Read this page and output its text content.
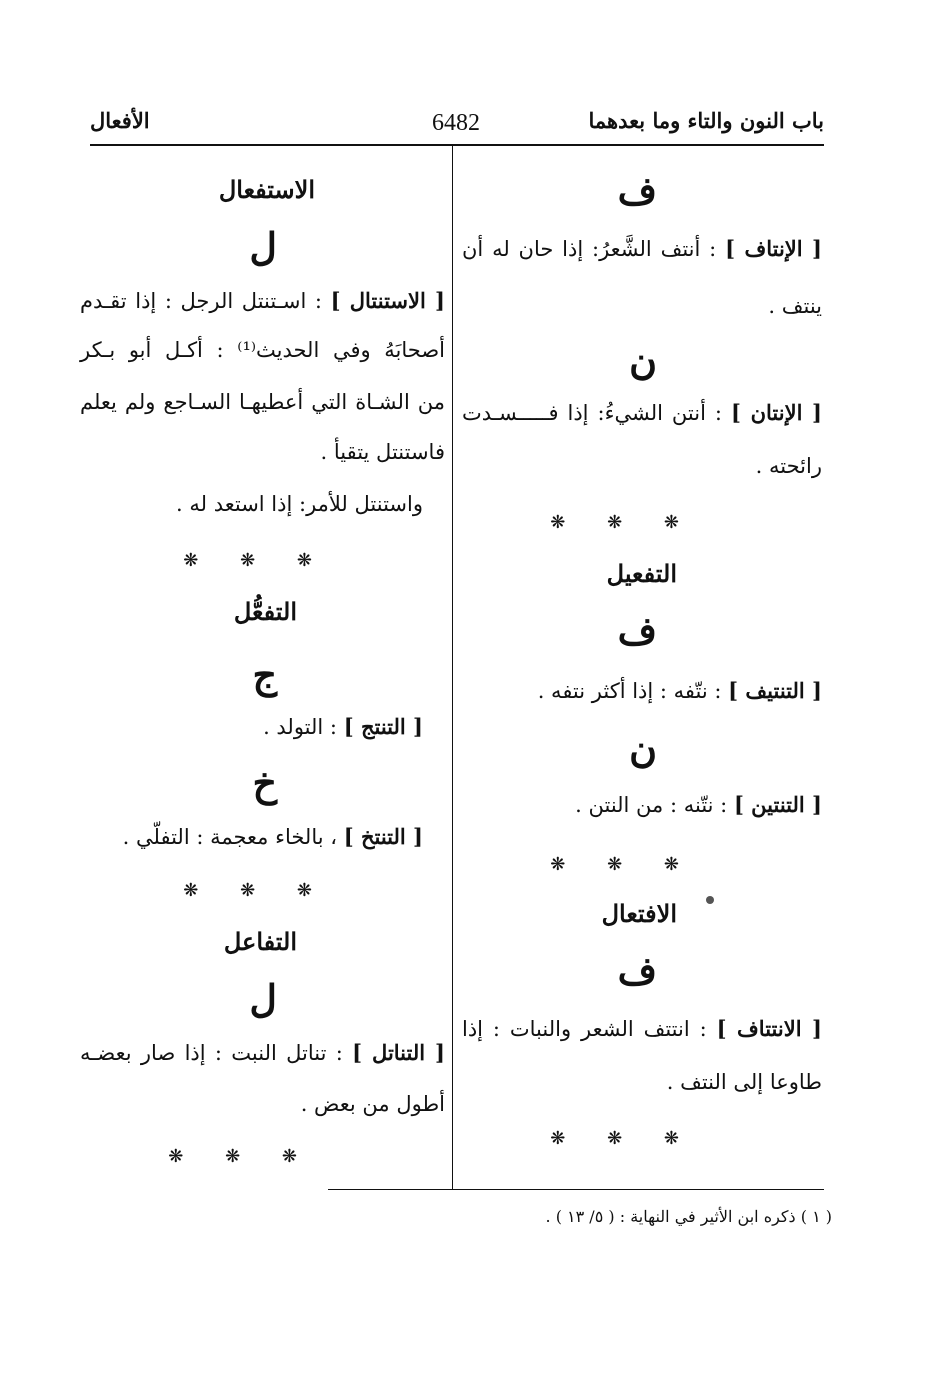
باب النون والتاء وما بعدهما
6482
الأفعال
ف
[ الإنتاف ] : أنتف الشَّعرُ: إذا حان له أن
ينتف .
ن
[ الإنتان ] : أنتن الشيءُ: إذا فـــــسـدت
رائحته .
❋ ❋ ❋
التفعيل
ف
[ التنتيف ] : نتّفه : إذا أكثر نتفه .
ن
[ التنتين ] : نتّنه : من النتن .
❋ ❋ ❋
الافتعال
ف
[ الانتتاف ] : انتتف الشعر والنبات : إذا
طاوعا إلى النتف .
❋ ❋ ❋
الاستفعال
ل
[ الاستنتال ] : اسـتنتل الرجل : إذا تقـدم
أصحابَهُ وفي الحديث⁽¹⁾ : أكـل أبو بـكر
من الشـاة التي أعطيهـا السـاجع ولم يعلم
فاستنتل يتقيأ .
واستنتل للأمر: إذا استعد له .
❋ ❋ ❋
التفعُّل
ج
[ التنتج ] : التولد .
خ
[ التنتخ ] ، بالخاء معجمة : التفلّي .
❋ ❋ ❋
التفاعل
ل
[ التناتل ] : تناتل النبت : إذا صار بعضـه
أطول من بعض .
❋ ❋ ❋
( ١ ) ذكره ابن الأثير في النهاية : ( ٥/ ١٣ ) .
